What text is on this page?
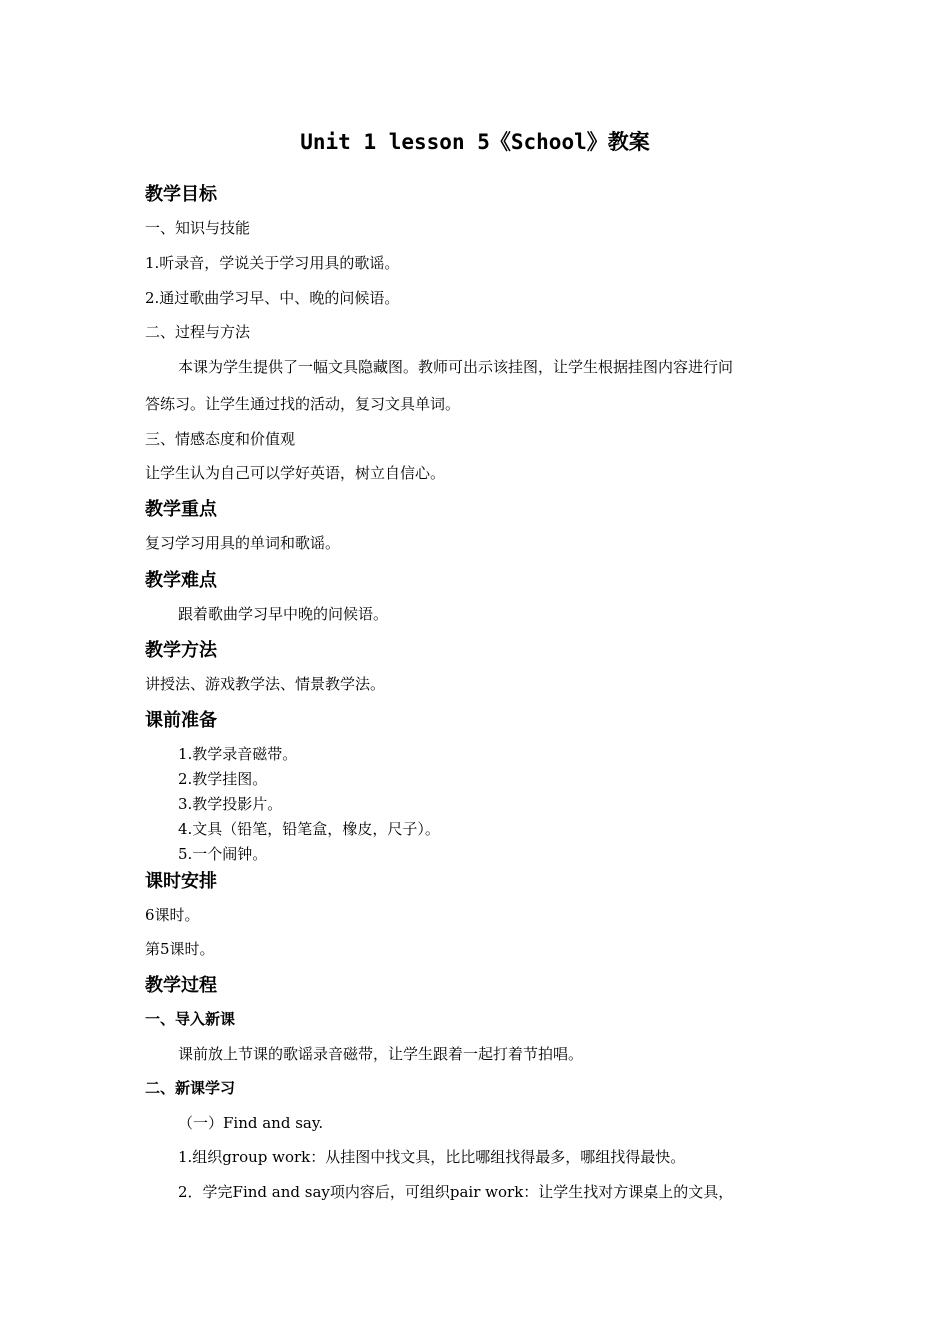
Unit 1 lesson 5《School》教案
教学目标
一、知识与技能
1.听录音，学说关于学习用具的歌谣。
2.通过歌曲学习早、中、晚的问候语。
二、过程与方法
本课为学生提供了一幅文具隐藏图。教师可出示该挂图，让学生根据挂图内容进行问
答练习。让学生通过找的活动，复习文具单词。
三、情感态度和价值观
让学生认为自己可以学好英语，树立自信心。
教学重点
复习学习用具的单词和歌谣。
教学难点
跟着歌曲学习早中晚的问候语。
教学方法
讲授法、游戏教学法、情景教学法。
课前准备
1.教学录音磁带。
2.教学挂图。
3.教学投影片。
4.文具（铅笔，铅笔盒，橡皮，尺子）。
5.一个闹钟。
课时安排
6课时。
第5课时。
教学过程
一、导入新课
课前放上节课的歌谣录音磁带，让学生跟着一起打着节拍唱。
二、新课学习
（一）Find and say.
1.组织group work：从挂图中找文具，比比哪组找得最多，哪组找得最快。
2．学完Find and say项内容后，可组织pair work：让学生找对方课桌上的文具，
